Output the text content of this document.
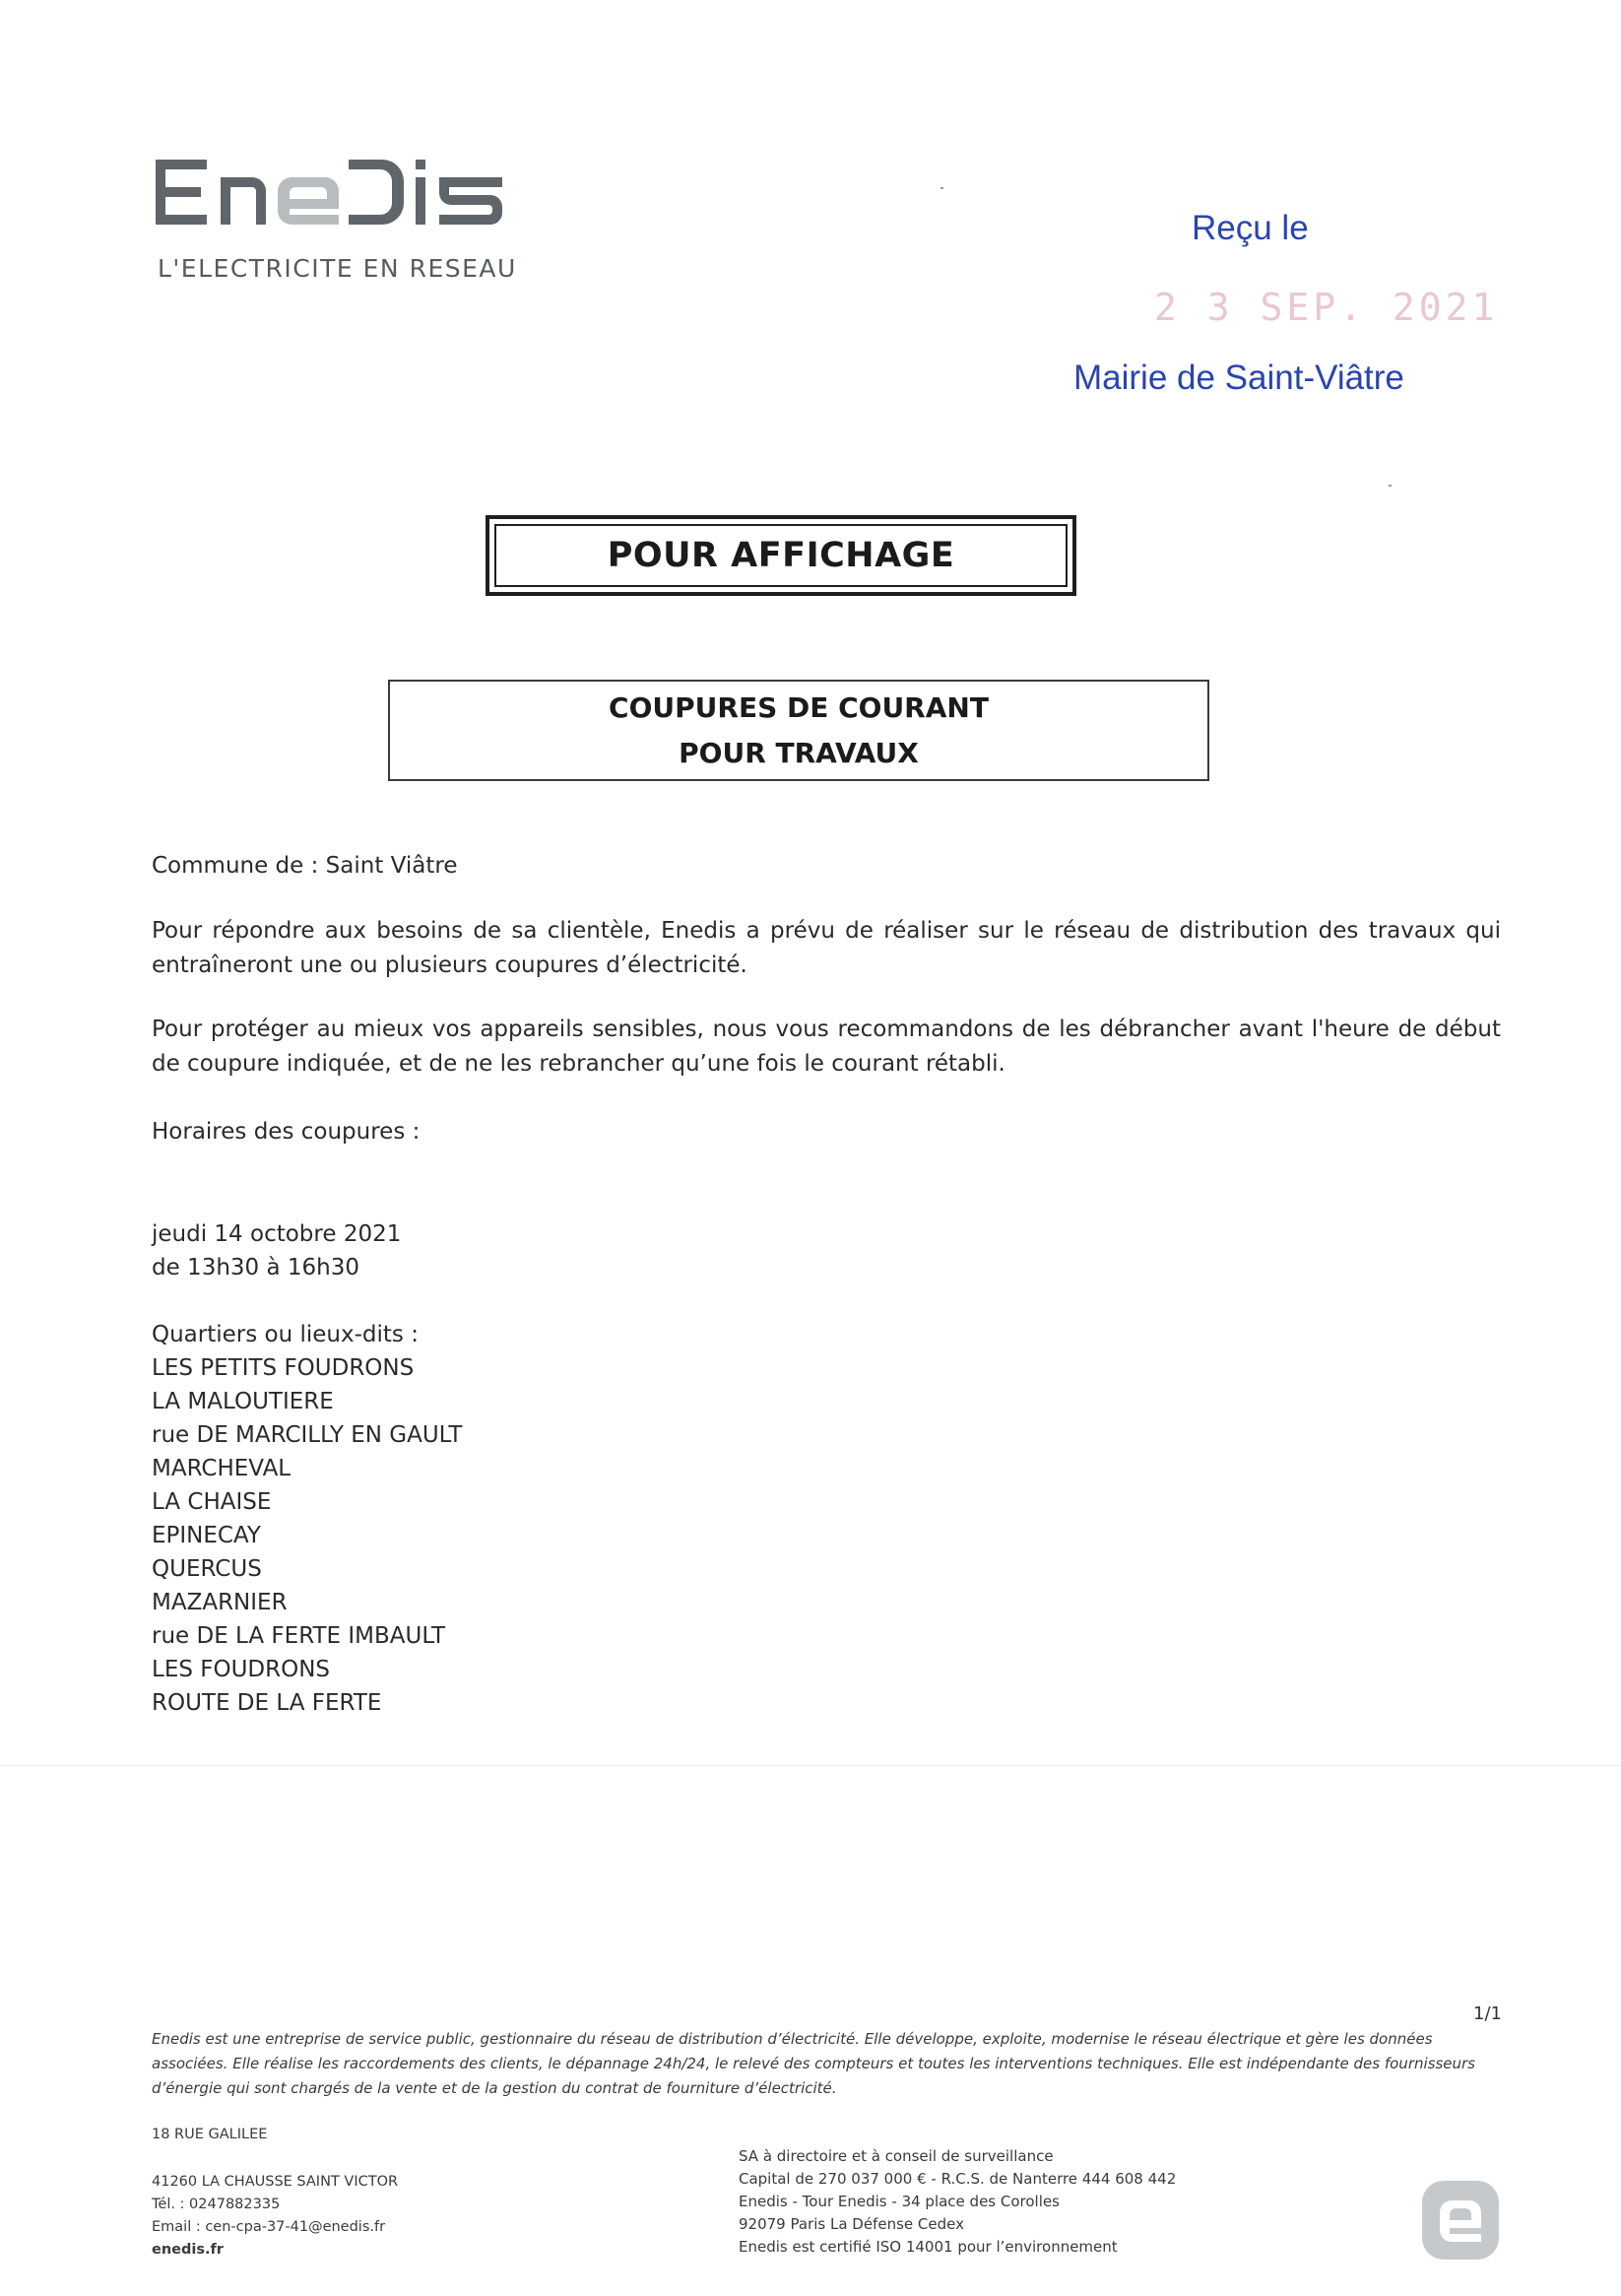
L'ELECTRICITE EN RESEAU
Reçu le
2 3 SEP. 2021
Mairie de Saint-Viâtre
POUR AFFICHAGE
COUPURES DE COURANT
POUR TRAVAUX
Commune de : Saint Viâtre
Pour répondre aux besoins de sa clientèle, Enedis a prévu de réaliser sur le réseau de distribution des travaux qui entraîneront une ou plusieurs coupures d’électricité.
Pour protéger au mieux vos appareils sensibles, nous vous recommandons de les débrancher avant l'heure de début de coupure indiquée, et de ne les rebrancher qu’une fois le courant rétabli.
Horaires des coupures :
jeudi 14 octobre 2021
de 13h30 à 16h30
Quartiers ou lieux-dits :
LES PETITS FOUDRONS
LA MALOUTIERE
rue DE MARCILLY EN GAULT
MARCHEVAL
LA CHAISE
EPINECAY
QUERCUS
MAZARNIER
rue DE LA FERTE IMBAULT
LES FOUDRONS
ROUTE DE LA FERTE
1/1
Enedis est une entreprise de service public, gestionnaire du réseau de distribution d’électricité. Elle développe, exploite, modernise le réseau électrique et gère les données associées. Elle réalise les raccordements des clients, le dépannage 24h/24, le relevé des compteurs et toutes les interventions techniques. Elle est indépendante des fournisseurs d’énergie qui sont chargés de la vente et de la gestion du contrat de fourniture d’électricité.
18 RUE GALILEE
41260 LA CHAUSSE SAINT VICTOR
Tél. : 0247882335
Email : cen-cpa-37-41@enedis.fr
enedis.fr
SA à directoire et à conseil de surveillance
Capital de 270 037 000 € - R.C.S. de Nanterre 444 608 442
Enedis - Tour Enedis - 34 place des Corolles
92079 Paris La Défense Cedex
Enedis est certifié ISO 14001 pour l’environnement
